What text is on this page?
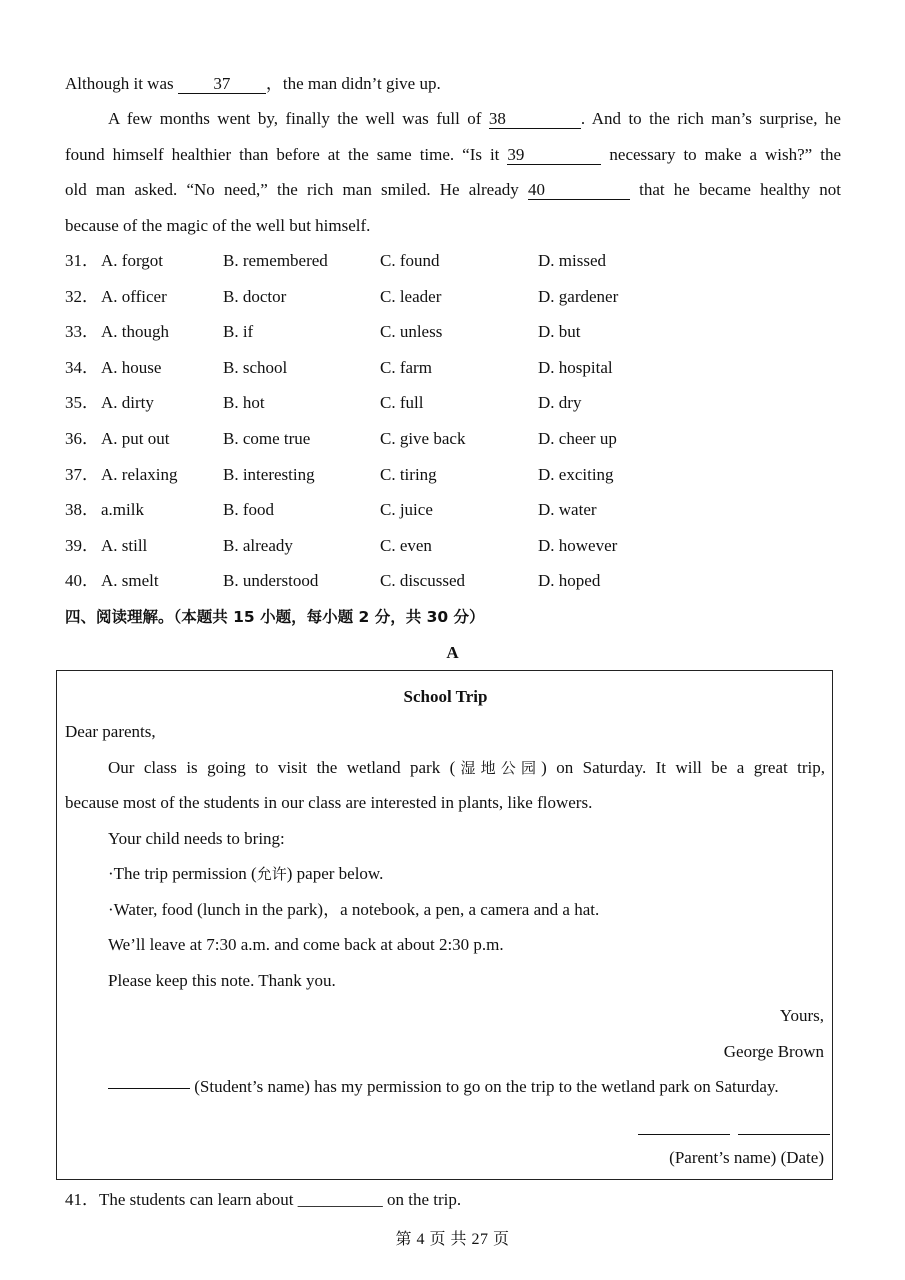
Although it was 37 ，the man didn’t give up.
A few months went by, finally the well was full of 38	. And to the rich man’s surprise, he
found himself healthier than before at the same time. “Is it 39	necessary to make a wish?” the
old man asked. “No need,” the rich man smiled. He already 40	that he became healthy not
because of the magic of the well but himself.
31． A. forgot	B. remembered	C. found	D. missed
32． A. officer	B. doctor	C. leader	D. gardener
33． A. though	B. if	C. unless	D. but
34． A. house	B. school	C. farm	D. hospital
35． A. dirty	B. hot	C. full	D. dry
36． A. put out	B. come true	C. give back	D. cheer up
37． A. relaxing	B. interesting	C. tiring	D. exciting
38． a.milk	B. food	C. juice	D. water
39． A. still	B. already	C. even	D. however
40． A. smelt	B. understood	C. discussed	D. hoped
四、阅读理解。（本题共 15 小题，每小题 2 分，共 30 分）
A
School Trip
Dear parents,
Our class is going to visit the wetland park (湿地公园) on Saturday. It will be a great trip,
because most of the students in our class are interested in plants, like flowers.
Your child needs to bring:
·The trip permission (允许) paper below.
·Water, food (lunch in the park)，a notebook, a pen, a camera and a hat.
We’ll leave at 7:30 a.m. and come back at about 2:30 p.m.
Please keep this note. Thank you.
Yours,
George Brown
(Student’s name) has my permission to go on the trip to the wetland park on Saturday.

(Parent’s name) (Date)
41．The students can learn about __________ on the trip.
第 4 页 共 27 页
